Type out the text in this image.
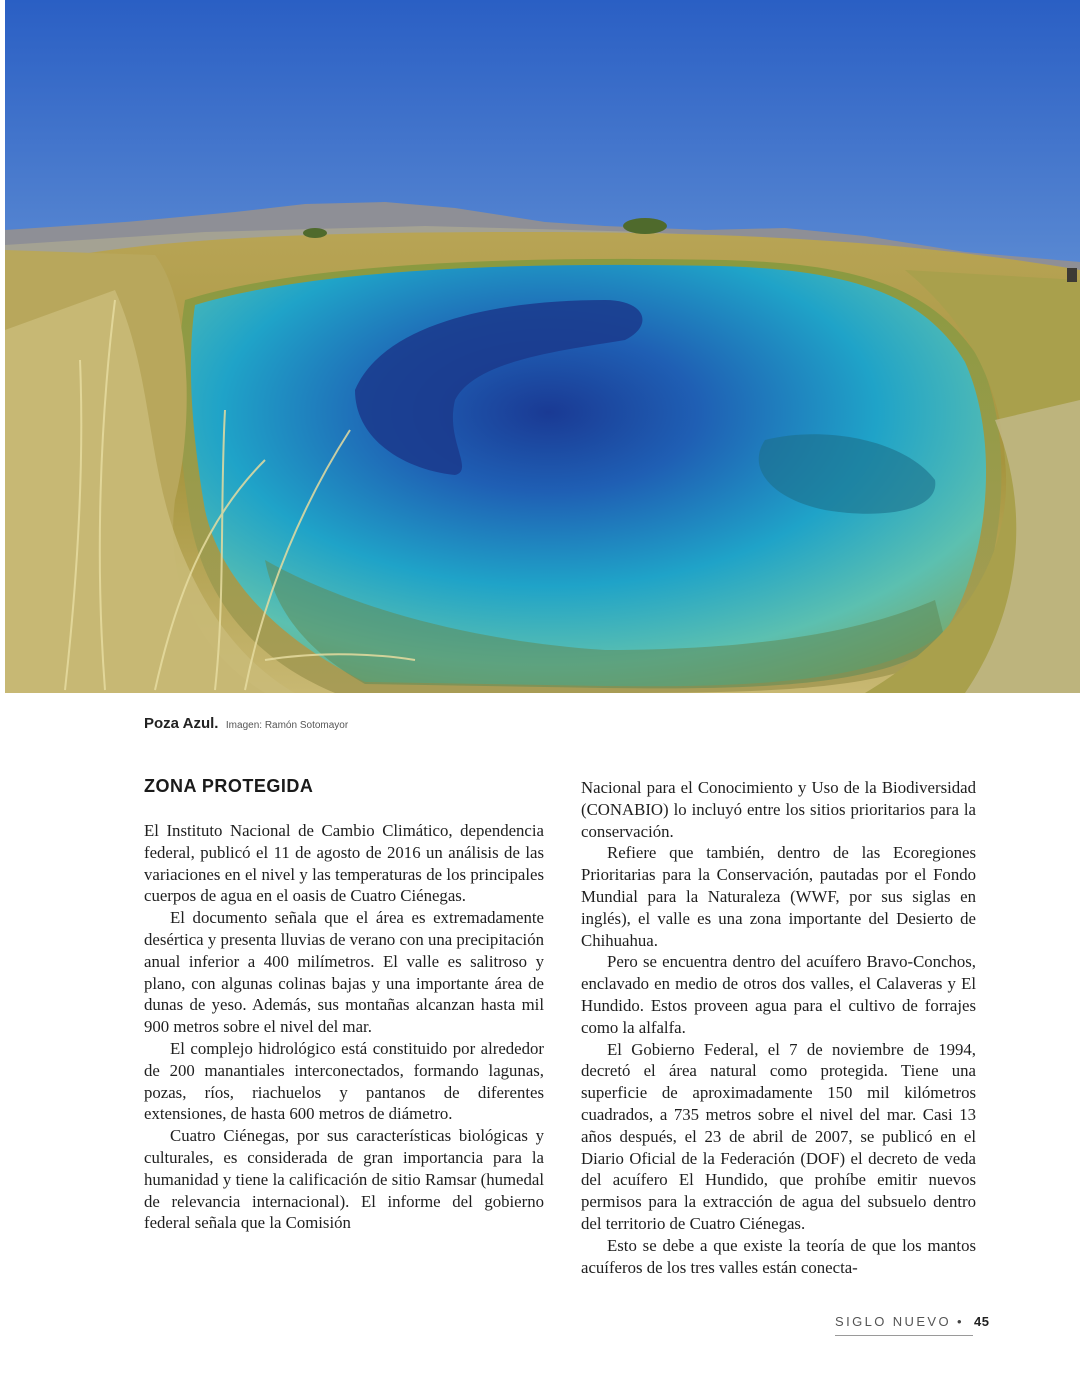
Poza Azul. Imagen: Ramón Sotomayor
ZONA PROTEGIDA

El Instituto Nacional de Cambio Climático, dependencia federal, publicó el 11 de agosto de 2016 un análisis de las variaciones en el nivel y las temperaturas de los principales cuerpos de agua en el oasis de Cuatro Ciénegas.

El documento señala que el área es extremadamente desértica y presenta lluvias de verano con una precipitación anual inferior a 400 milímetros. El valle es salitroso y plano, con algunas colinas bajas y una importante área de dunas de yeso. Además, sus montañas alcanzan hasta mil 900 metros sobre el nivel del mar.

El complejo hidrológico está constituido por alrededor de 200 manantiales interconectados, formando lagunas, pozas, ríos, riachuelos y pantanos de diferentes extensiones, de hasta 600 metros de diámetro.

Cuatro Ciénegas, por sus características biológicas y culturales, es considerada de gran importancia para la humanidad y tiene la calificación de sitio Ramsar (humedal de relevancia internacional). El informe del gobierno federal señala que la Comisión

Nacional para el Conocimiento y Uso de la Biodiversidad (CONABIO) lo incluyó entre los sitios prioritarios para la conservación.

Refiere que también, dentro de las Ecoregiones Prioritarias para la Conservación, pautadas por el Fondo Mundial para la Naturaleza (WWF, por sus siglas en inglés), el valle es una zona importante del Desierto de Chihuahua.

Pero se encuentra dentro del acuífero Bravo-Conchos, enclavado en medio de otros dos valles, el Calaveras y El Hundido. Estos proveen agua para el cultivo de forrajes como la alfalfa.

El Gobierno Federal, el 7 de noviembre de 1994, decretó el área natural como protegida. Tiene una superficie de aproximadamente 150 mil kilómetros cuadrados, a 735 metros sobre el nivel del mar. Casi 13 años después, el 23 de abril de 2007, se publicó en el Diario Oficial de la Federación (DOF) el decreto de veda del acuífero El Hundido, que prohíbe emitir nuevos permisos para la extracción de agua del subsuelo dentro del territorio de Cuatro Ciénegas.

Esto se debe a que existe la teoría de que los mantos acuíferos de los tres valles están conecta-

SIGLO NUEVO • 45
